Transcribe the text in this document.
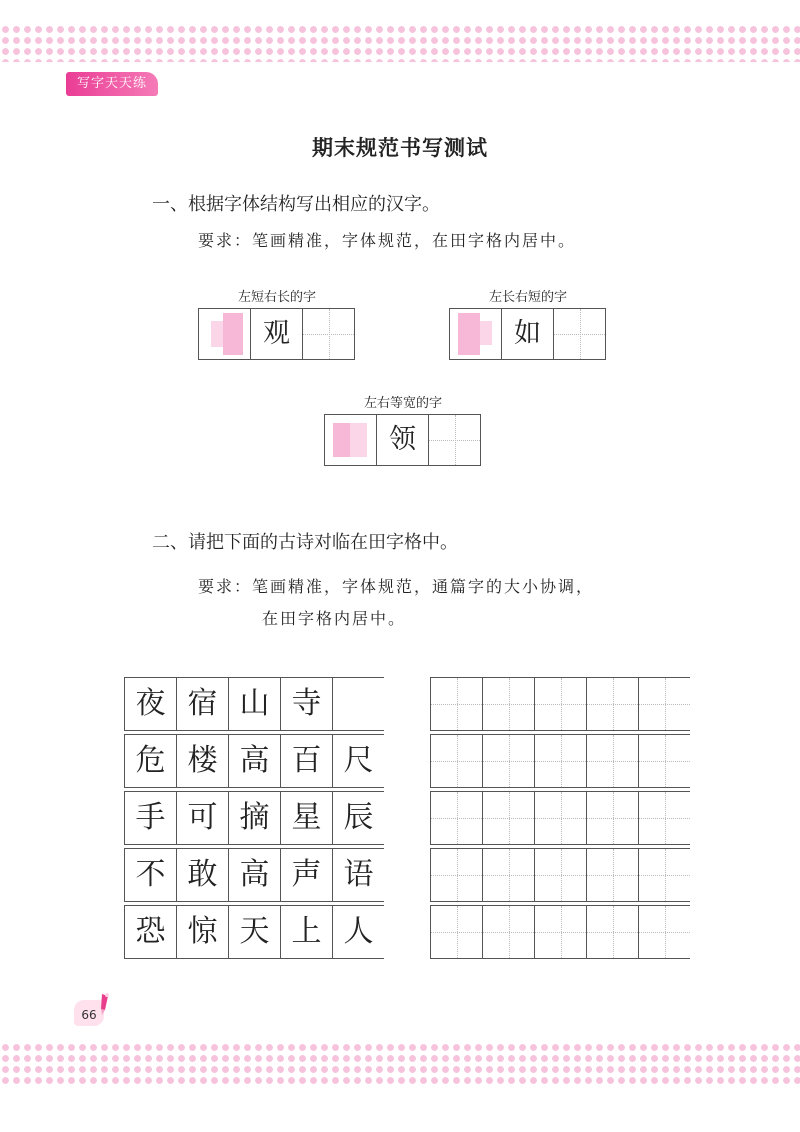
写字天天练
期末规范书写测试
一、根据字体结构写出相应的汉字。
要求：笔画精准，字体规范，在田字格内居中。
左短右长的字
观
左长右短的字
如
左右等宽的字
领
二、请把下面的古诗对临在田字格中。
要求：笔画精准，字体规范，通篇字的大小协调，
在田字格内居中。
夜 宿 山 寺
危 楼 高 百 尺
手 可 摘 星 辰
不 敢 高 声 语
恐 惊 天 上 人
66
